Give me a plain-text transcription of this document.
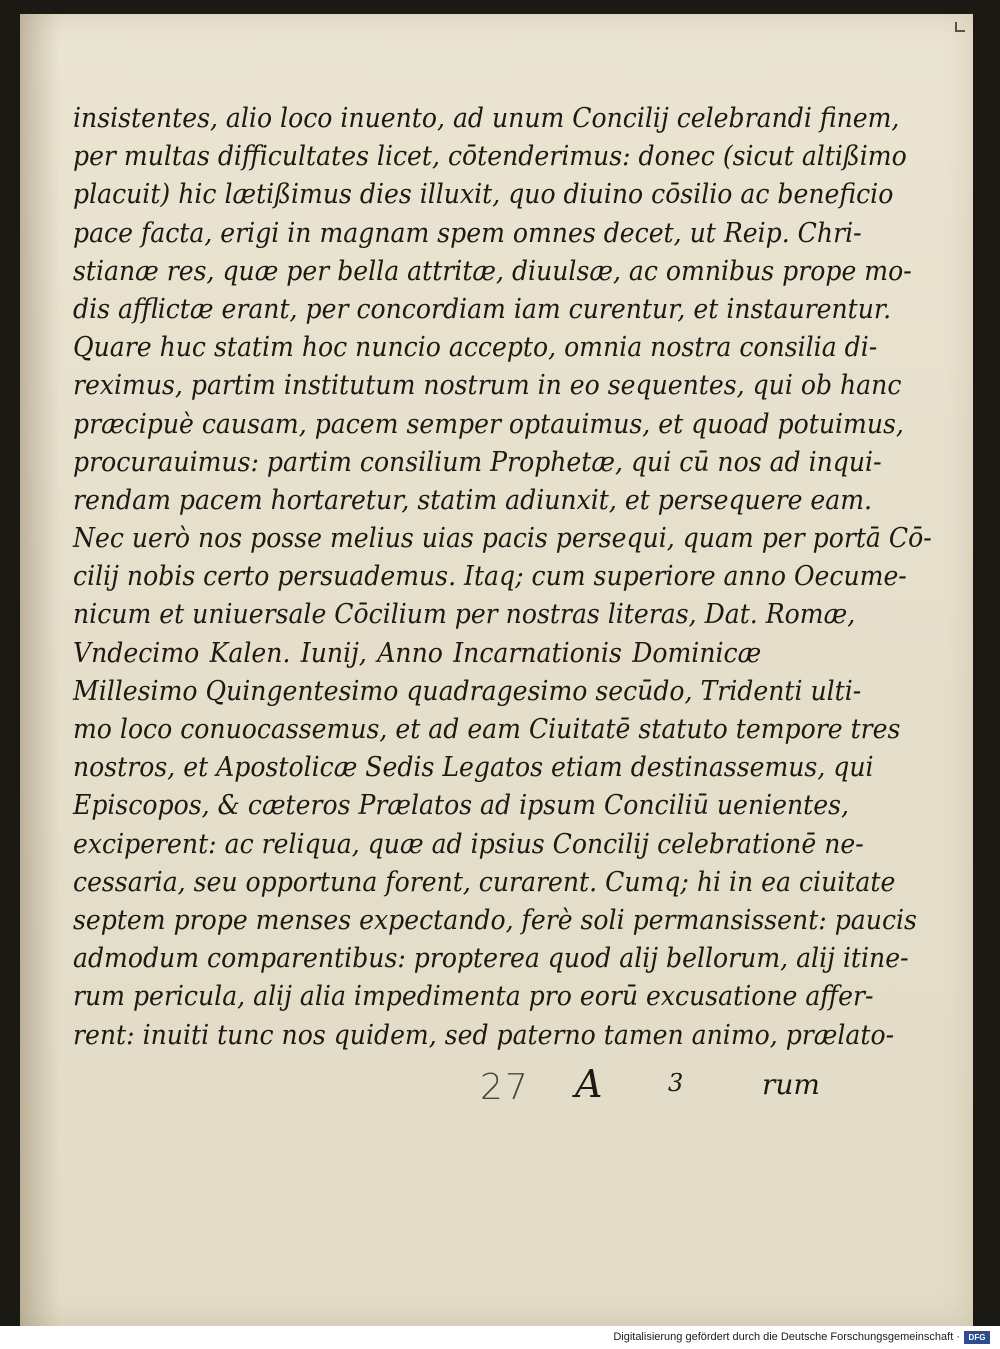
insistentes, alio loco inuento, ad unum Concilij celebrandi finem,
per multas difficultates licet, cōtenderimus: donec (sicut altißimo
placuit) hic lætißimus dies illuxit, quo diuino cōsilio ac beneficio
pace facta, erigi in magnam spem omnes decet, ut Reip. Chri-
stianæ res, quæ per bella attritæ, diuulsæ, ac omnibus prope mo-
dis afflictæ erant, per concordiam iam curentur, et instaurentur.
Quare huc statim hoc nuncio accepto, omnia nostra consilia di-
reximus, partim institutum nostrum in eo sequentes, qui ob hanc
præcipuè causam, pacem semper optauimus, et quoad potuimus,
procurauimus: partim consilium Prophetæ, qui cū nos ad inqui-
rendam pacem hortaretur, statim adiunxit, et persequere eam.
Nec uerò nos posse melius uias pacis persequi, quam per portā Cō-
cilij nobis certo persuademus. Itaq; cum superiore anno Oecume-
nicum et uniuersale Cōcilium per nostras literas, Dat. Romæ,
Vndecimo Kalen. Iunij, Anno Incarnationis Dominicæ
Millesimo Quingentesimo quadragesimo secūdo, Tridenti ulti-
mo loco conuocassemus, et ad eam Ciuitatē statuto tempore tres
nostros, et Apostolicæ Sedis Legatos etiam destinassemus, qui
Episcopos, & cæteros Prælatos ad ipsum Conciliū uenientes,
exciperent: ac reliqua, quæ ad ipsius Concilij celebrationē ne-
cessaria, seu opportuna forent, curarent. Cumq; hi in ea ciuitate
septem prope menses expectando, ferè soli permansissent: paucis
admodum comparentibus: propterea quod alij bellorum, alij itine-
rum pericula, alij alia impedimenta pro eorū excusatione affer-
rent: inuiti tunc nos quidem, sed paterno tamen animo, prælato-
27 A	3	rum
Digitalisierung gefördert durch die Deutsche Forschungsgemeinschaft ·	DFG
